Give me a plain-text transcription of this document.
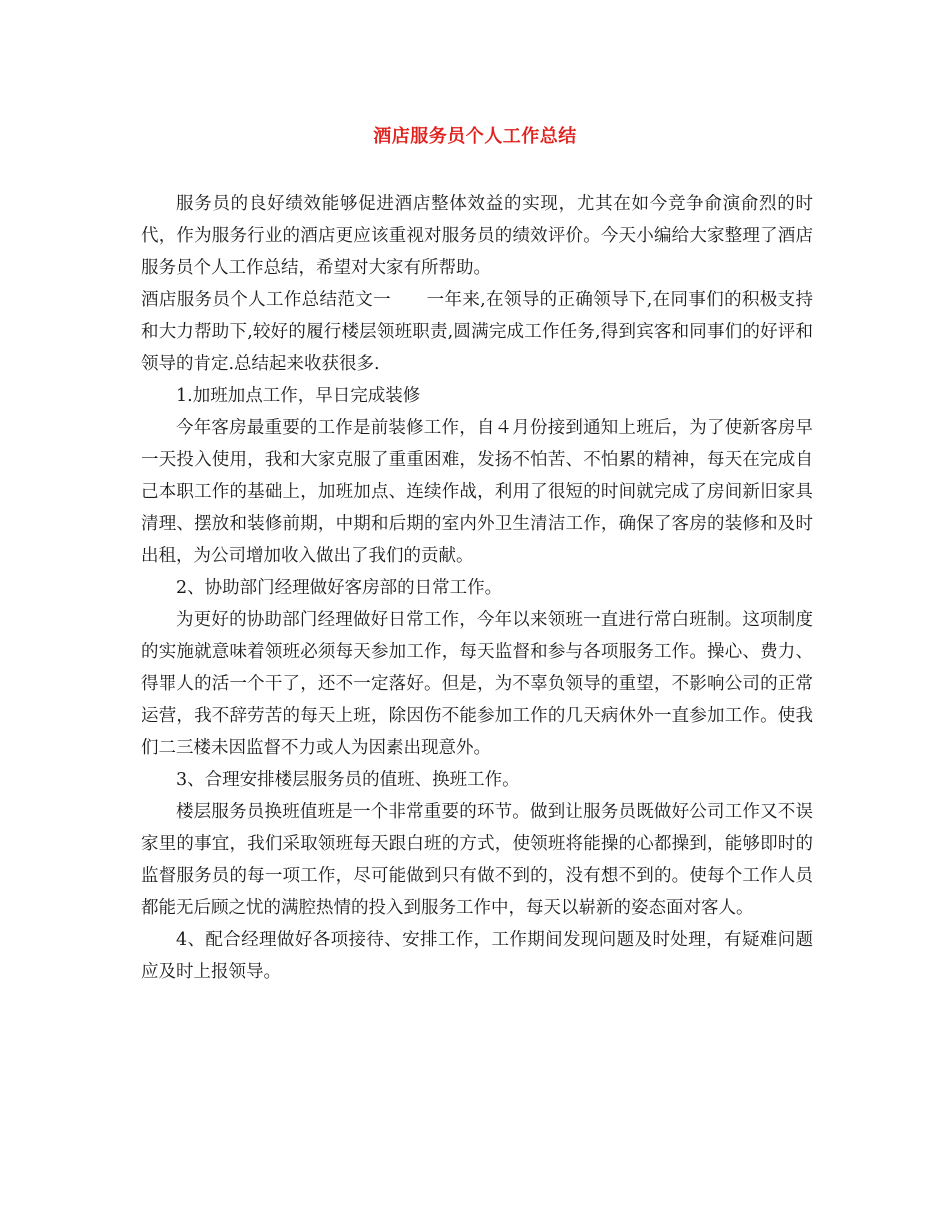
酒店服务员个人工作总结

服务员的良好绩效能够促进酒店整体效益的实现，尤其在如今竞争俞演俞烈的时代，作为服务行业的酒店更应该重视对服务员的绩效评价。今天小编给大家整理了酒店服务员个人工作总结，希望对大家有所帮助。

酒店服务员个人工作总结范文一　　一年来,在领导的正确领导下,在同事们的积极支持和大力帮助下,较好的履行楼层领班职责,圆满完成工作任务,得到宾客和同事们的好评和领导的肯定.总结起来收获很多.

1.加班加点工作，早日完成装修

今年客房最重要的工作是前装修工作，自４月份接到通知上班后，为了使新客房早一天投入使用，我和大家克服了重重困难，发扬不怕苦、不怕累的精神，每天在完成自己本职工作的基础上，加班加点、连续作战，利用了很短的时间就完成了房间新旧家具清理、摆放和装修前期，中期和后期的室内外卫生清洁工作，确保了客房的装修和及时出租，为公司增加收入做出了我们的贡献。

2、协助部门经理做好客房部的日常工作。

为更好的协助部门经理做好日常工作，今年以来领班一直进行常白班制。这项制度的实施就意味着领班必须每天参加工作，每天监督和参与各项服务工作。操心、费力、得罪人的活一个干了，还不一定落好。但是，为不辜负领导的重望，不影响公司的正常运营，我不辞劳苦的每天上班，除因伤不能参加工作的几天病休外一直参加工作。使我们二三楼未因监督不力或人为因素出现意外。

3、合理安排楼层服务员的值班、换班工作。

楼层服务员换班值班是一个非常重要的环节。做到让服务员既做好公司工作又不误家里的事宜，我们采取领班每天跟白班的方式，使领班将能操的心都操到，能够即时的监督服务员的每一项工作，尽可能做到只有做不到的，没有想不到的。使每个工作人员都能无后顾之忧的满腔热情的投入到服务工作中，每天以崭新的姿态面对客人。

4、配合经理做好各项接待、安排工作，工作期间发现问题及时处理，有疑难问题应及时上报领导。
